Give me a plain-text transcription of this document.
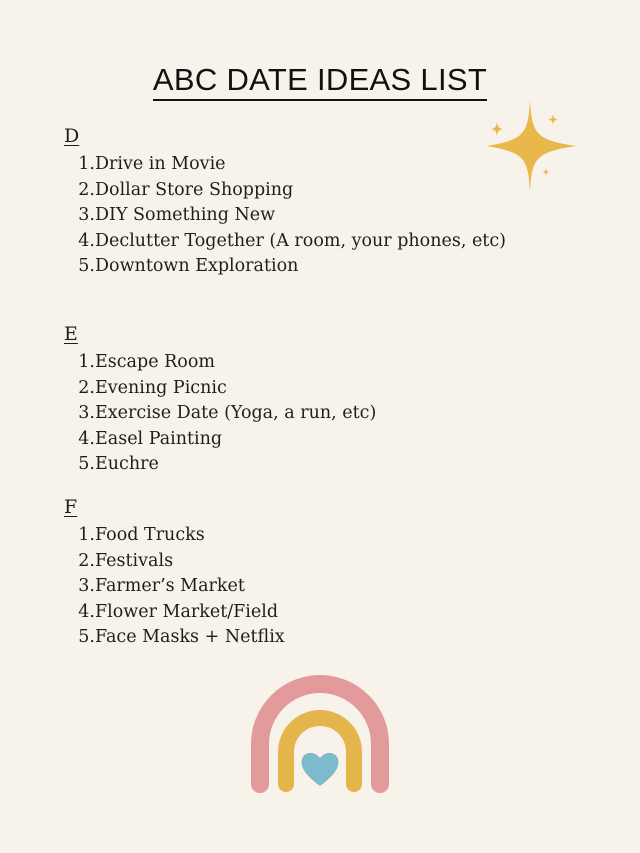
ABC DATE IDEAS LIST
D
1. Drive in Movie
2. Dollar Store Shopping
3. DIY Something New
4. Declutter Together (A room, your phones, etc)
5. Downtown Exploration
E
1. Escape Room
2. Evening Picnic
3. Exercise Date (Yoga, a run, etc)
4. Easel Painting
5. Euchre
F
1. Food Trucks
2. Festivals
3. Farmer’s Market
4. Flower Market/Field
5. Face Masks + Netflix
